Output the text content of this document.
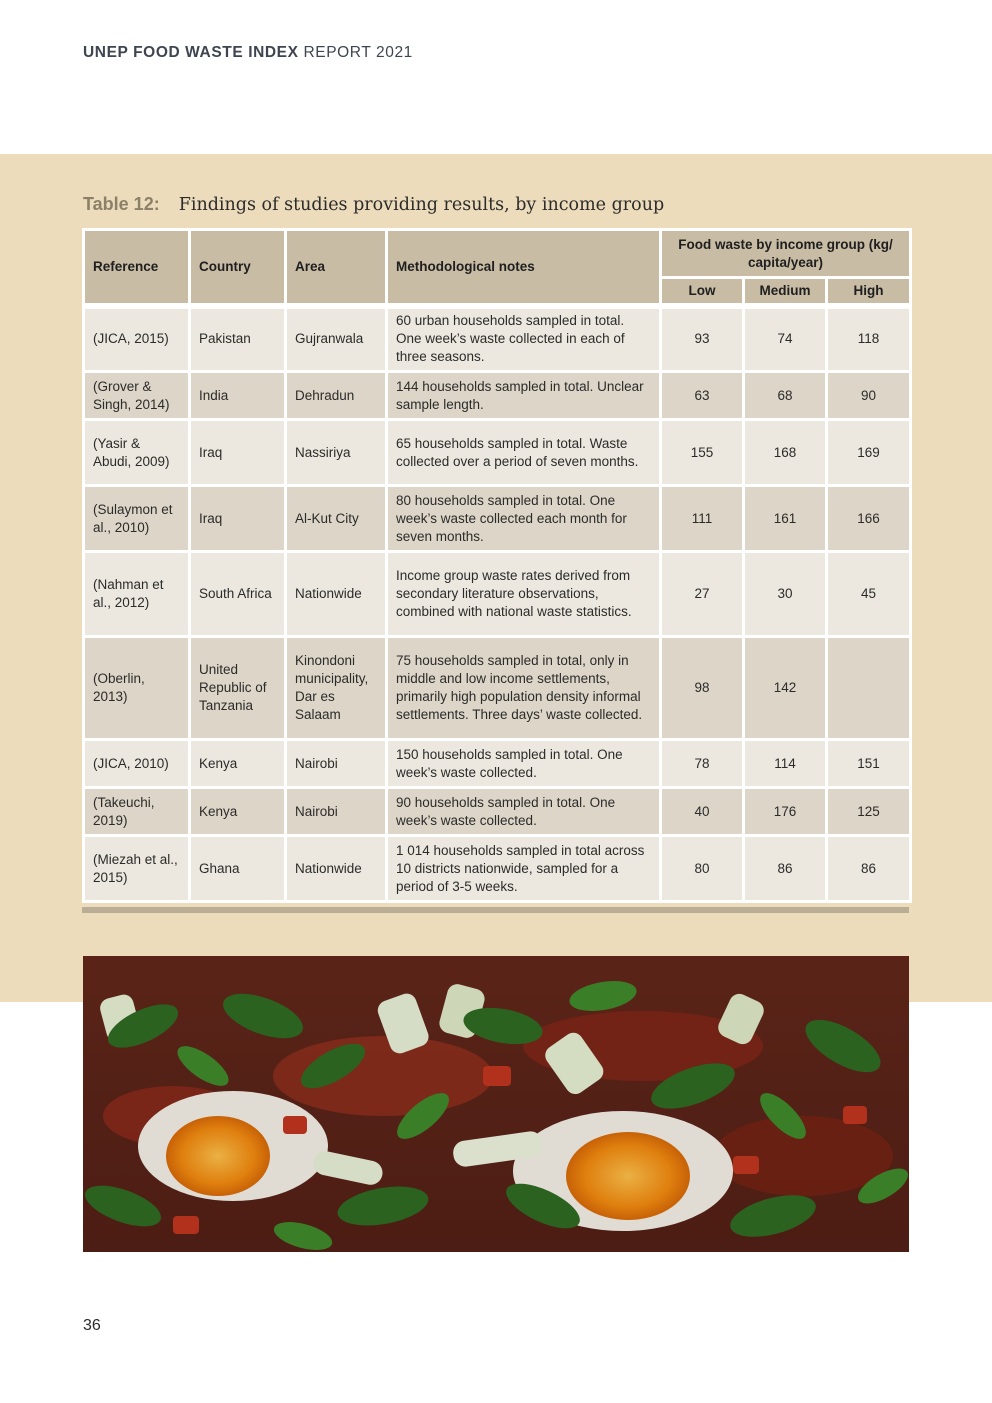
UNEP FOOD WASTE INDEX REPORT 2021
Table 12: Findings of studies providing results, by income group
Reference	Country	Area	Methodological notes	Food waste by income group (kg/ capita/year)		
				Low	Medium	High
(JICA, 2015)	Pakistan	Gujranwala	60 urban households sampled in total. One week’s waste collected in each of three seasons.	93	74	118
(Grover & Singh, 2014)	India	Dehradun	144 households sampled in total. Unclear sample length.	63	68	90
(Yasir & Abudi, 2009)	Iraq	Nassiriya	65 households sampled in total. Waste collected over a period of seven months.	155	168	169
(Sulaymon et al., 2010)	Iraq	Al-Kut City	80 households sampled in total. One week’s waste collected each month for seven months.	111	161	166
(Nahman et al., 2012)	South Africa	Nationwide	Income group waste rates derived from secondary literature observations, combined with national waste statistics.	27	30	45
(Oberlin, 2013)	United Republic of Tanzania	Kinondoni municipality, Dar es Salaam	75 households sampled in total, only in middle and low income settlements, primarily high population density informal settlements. Three days’ waste collected.	98	142	
(JICA, 2010)	Kenya	Nairobi	150 households sampled in total. One week’s waste collected.	78	114	151
(Takeuchi, 2019)	Kenya	Nairobi	90 households sampled in total. One week’s waste collected.	40	176	125
(Miezah et al., 2015)	Ghana	Nationwide	1 014 households sampled in total across 10 districts nationwide, sampled for a period of 3-5 weeks.	80	86	86
36
